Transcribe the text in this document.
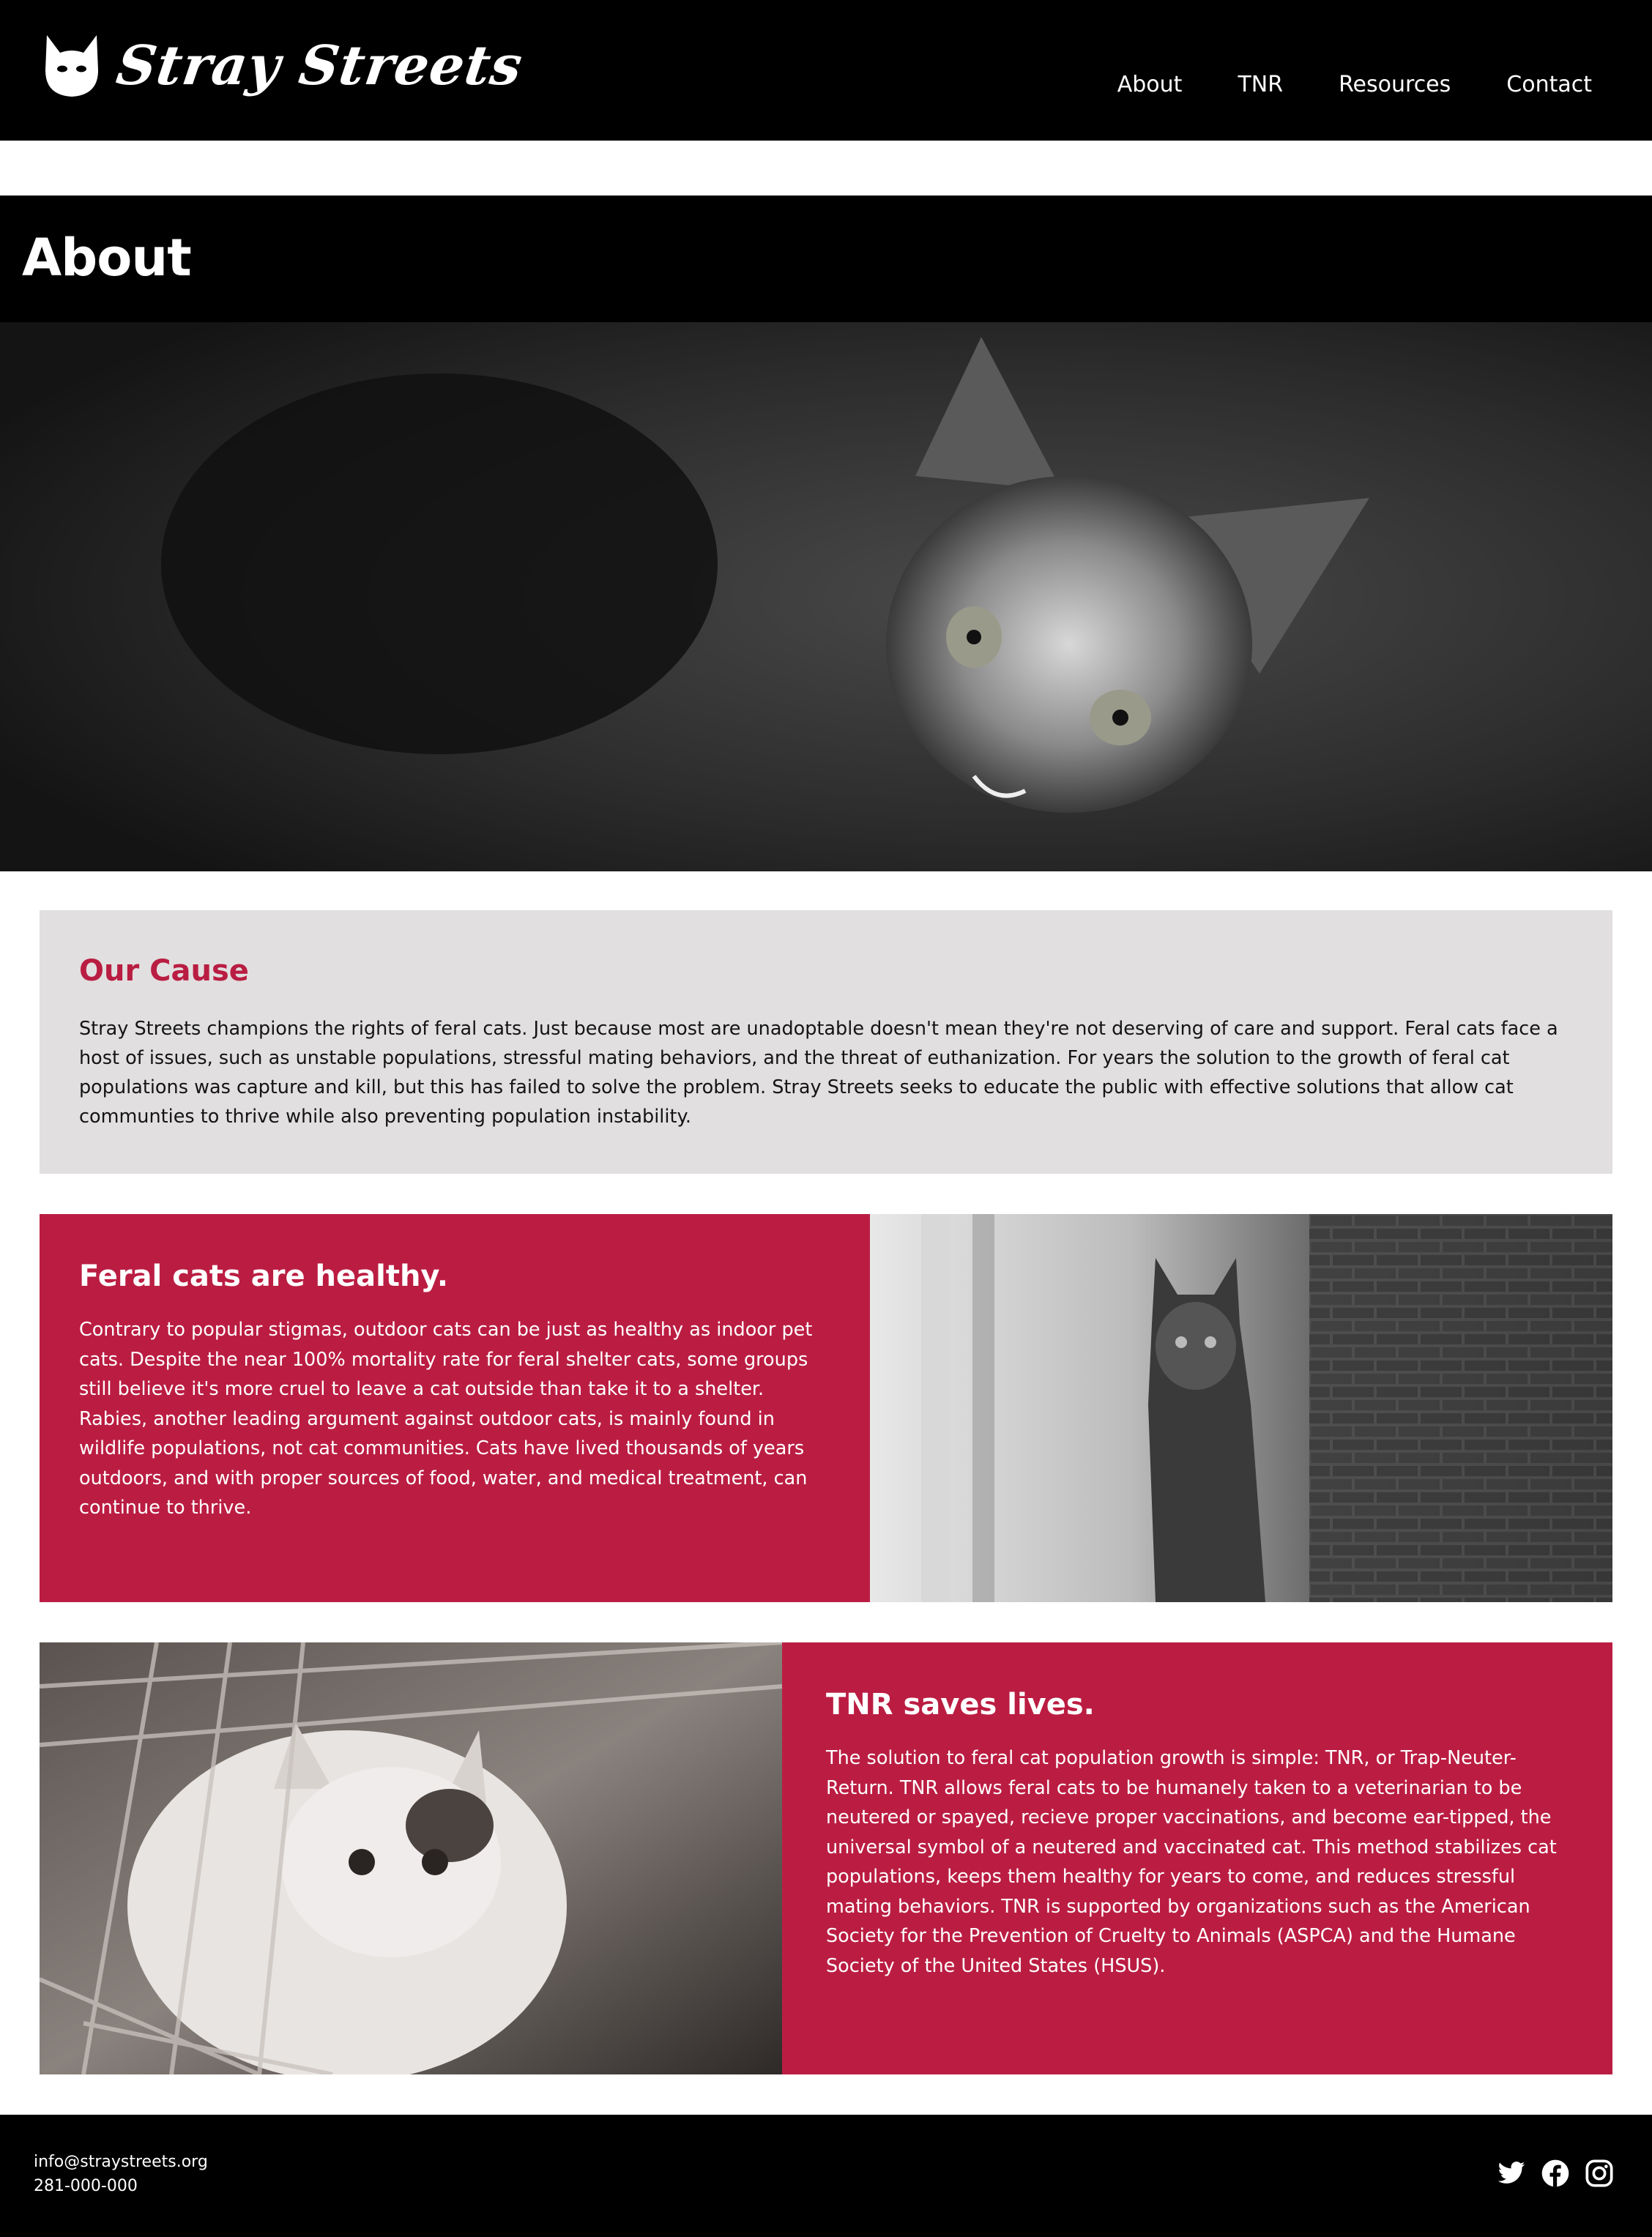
Stray Streets	About	TNR	Resources	Contact
About
Our Cause

Stray Streets champions the rights of feral cats. Just because most are unadoptable doesn't mean they're not deserving of care and support. Feral cats face a host of issues, such as unstable populations, stressful mating behaviors, and the threat of euthanization. For years the solution to the growth of feral cat populations was capture and kill, but this has failed to solve the problem. Stray Streets seeks to educate the public with effective solutions that allow cat communties to thrive while also preventing population instability.

Feral cats are healthy.

Contrary to popular stigmas, outdoor cats can be just as healthy as indoor pet cats. Despite the near 100% mortality rate for feral shelter cats, some groups still believe it's more cruel to leave a cat outside than take it to a shelter. Rabies, another leading argument against outdoor cats, is mainly found in wildlife populations, not cat communities. Cats have lived thousands of years outdoors, and with proper sources of food, water, and medical treatment, can continue to thrive.

TNR saves lives.

The solution to feral cat population growth is simple: TNR, or Trap-Neuter-Return. TNR allows feral cats to be humanely taken to a veterinarian to be neutered or spayed, recieve proper vaccinations, and become ear-tipped, the universal symbol of a neutered and vaccinated cat. This method stabilizes cat populations, keeps them healthy for years to come, and reduces stressful mating behaviors. TNR is supported by organizations such as the American Society for the Prevention of Cruelty to Animals (ASPCA) and the Humane Society of the United States (HSUS).

info@straystreets.org
281-000-000
